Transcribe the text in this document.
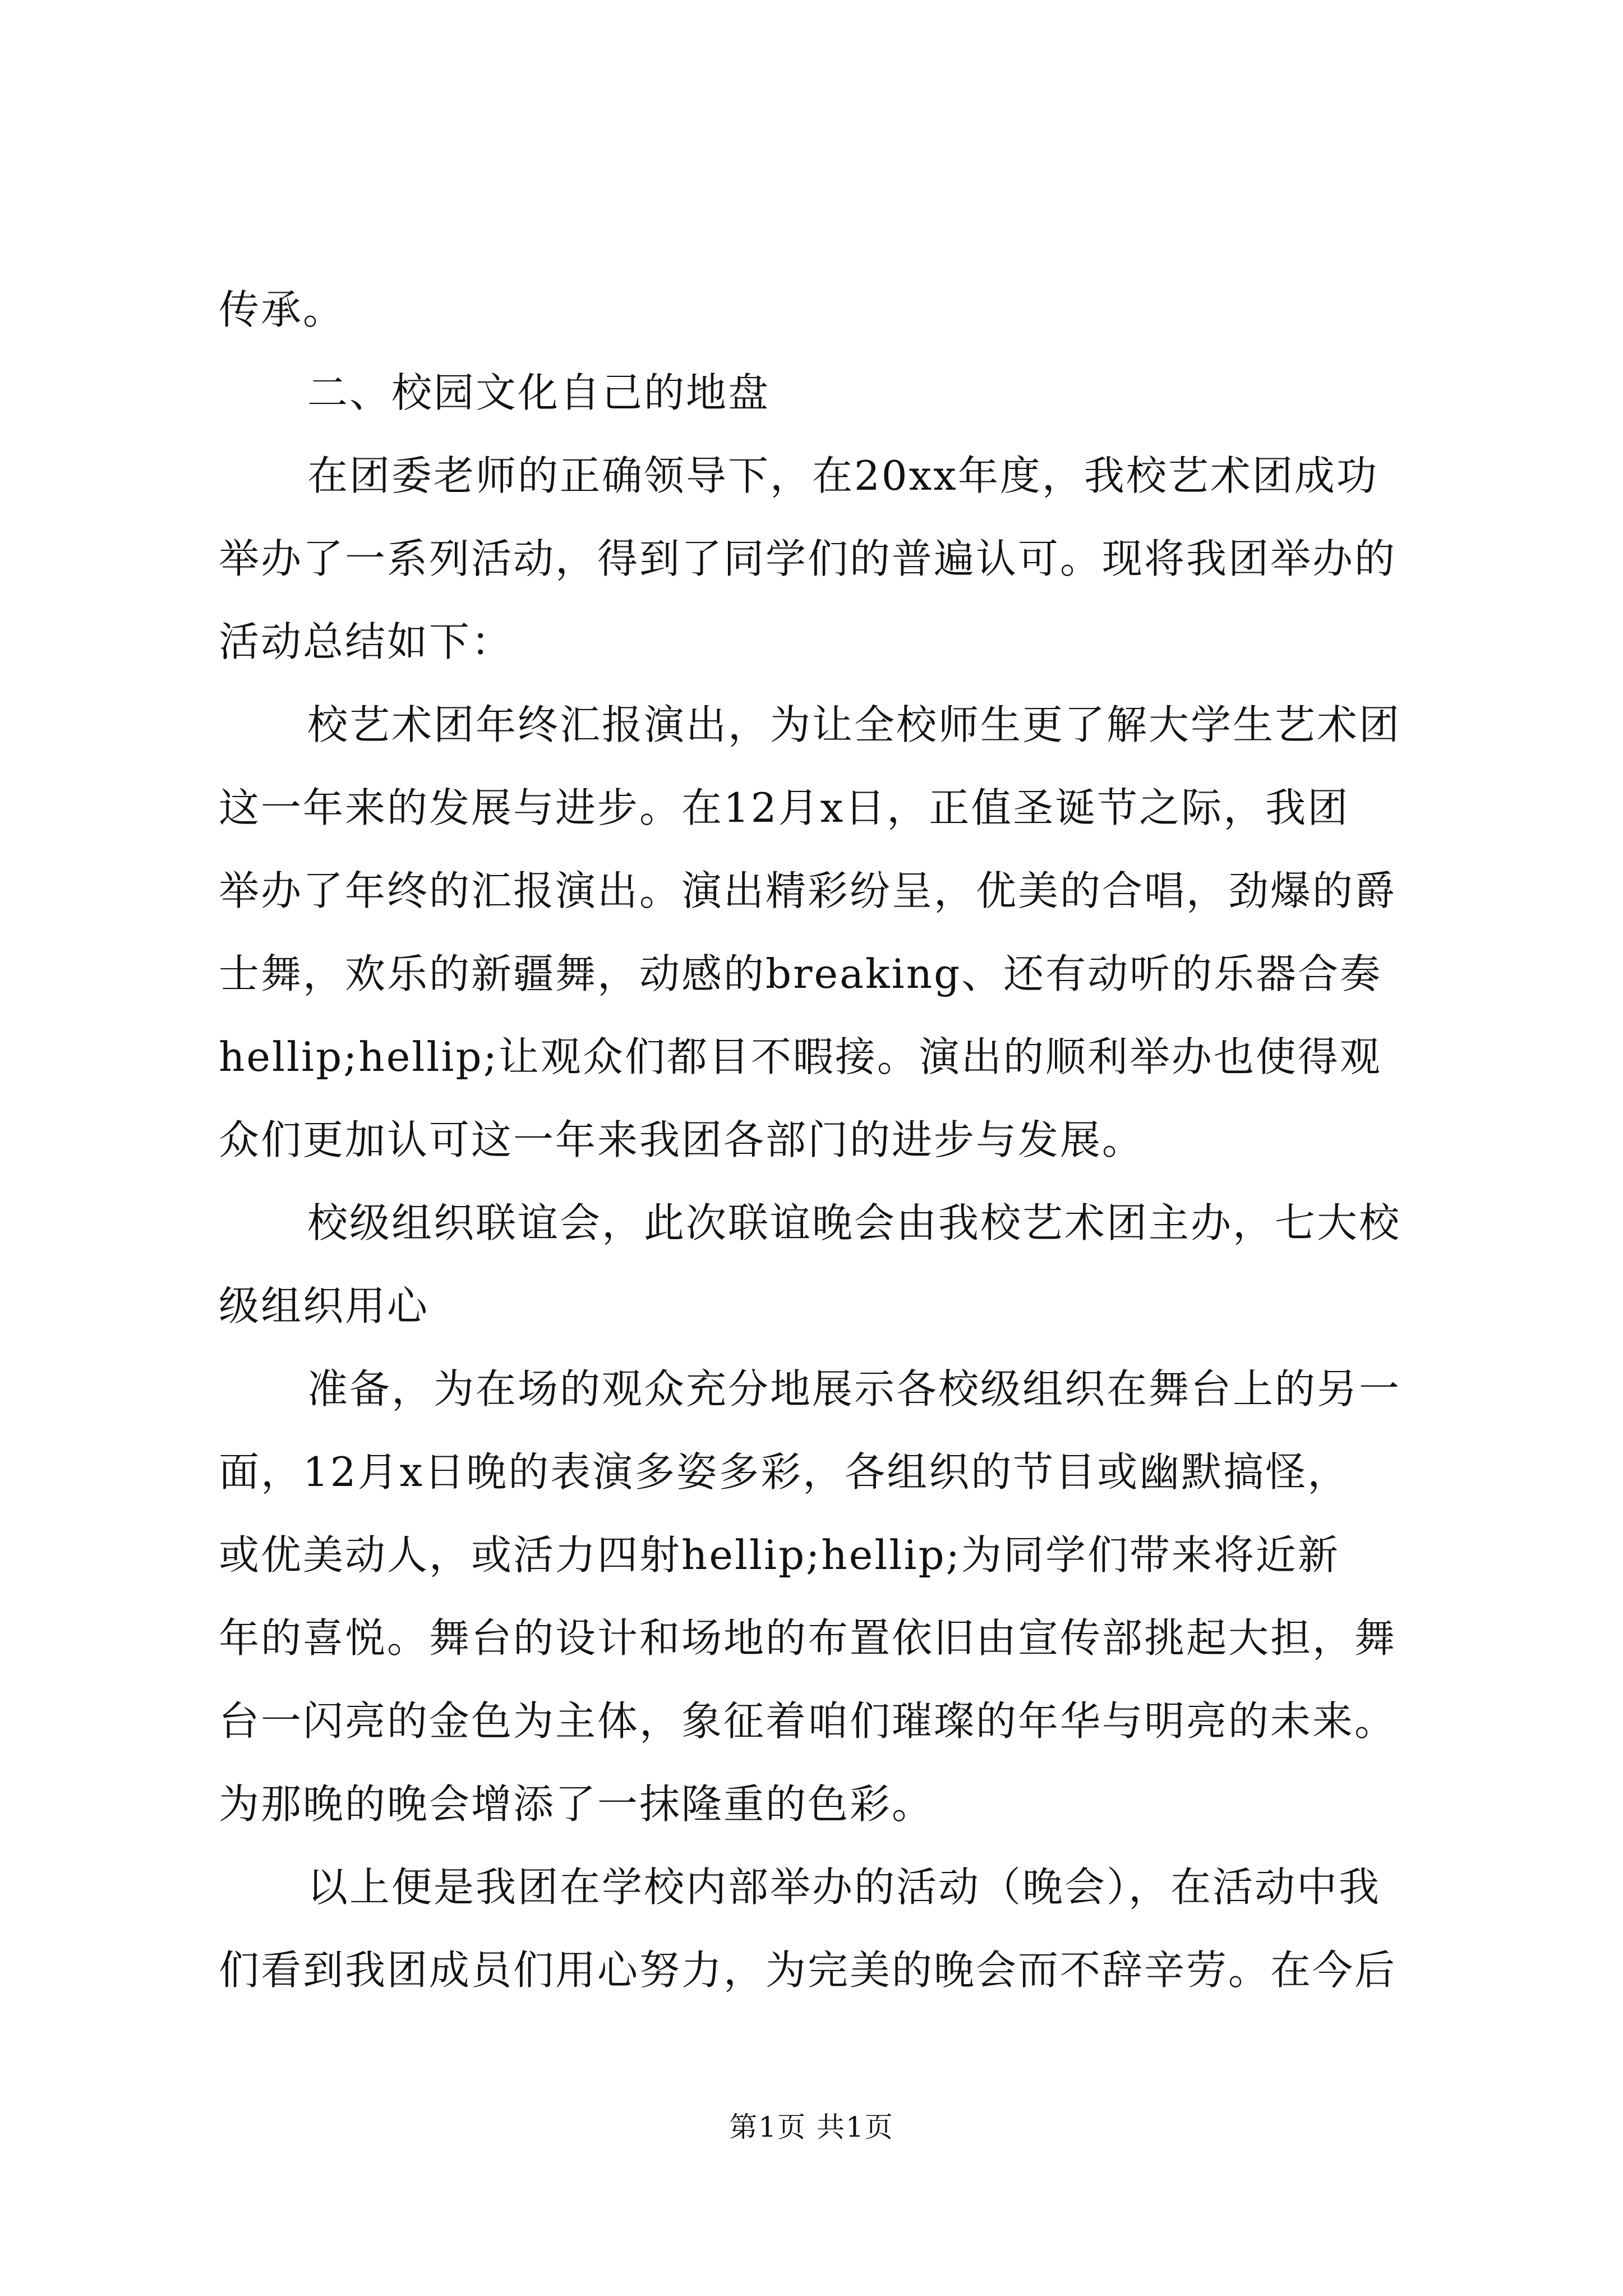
传承。
二、校园文化自己的地盘
在团委老师的正确领导下，在20xx年度，我校艺术团成功
举办了一系列活动，得到了同学们的普遍认可。现将我团举办的
活动总结如下：
校艺术团年终汇报演出，为让全校师生更了解大学生艺术团
这一年来的发展与进步。在12月x日，正值圣诞节之际，我团
举办了年终的汇报演出。演出精彩纷呈，优美的合唱，劲爆的爵
士舞，欢乐的新疆舞，动感的breaking、还有动听的乐器合奏
hellip;hellip;让观众们都目不暇接。演出的顺利举办也使得观
众们更加认可这一年来我团各部门的进步与发展。
校级组织联谊会，此次联谊晚会由我校艺术团主办，七大校
级组织用心
准备，为在场的观众充分地展示各校级组织在舞台上的另一
面，12月x日晚的表演多姿多彩，各组织的节目或幽默搞怪，
或优美动人，或活力四射hellip;hellip;为同学们带来将近新
年的喜悦。舞台的设计和场地的布置依旧由宣传部挑起大担，舞
台一闪亮的金色为主体，象征着咱们璀璨的年华与明亮的未来。
为那晚的晚会增添了一抹隆重的色彩。
以上便是我团在学校内部举办的活动（晚会），在活动中我
们看到我团成员们用心努力，为完美的晚会而不辞辛劳。在今后
第1页 共1页
